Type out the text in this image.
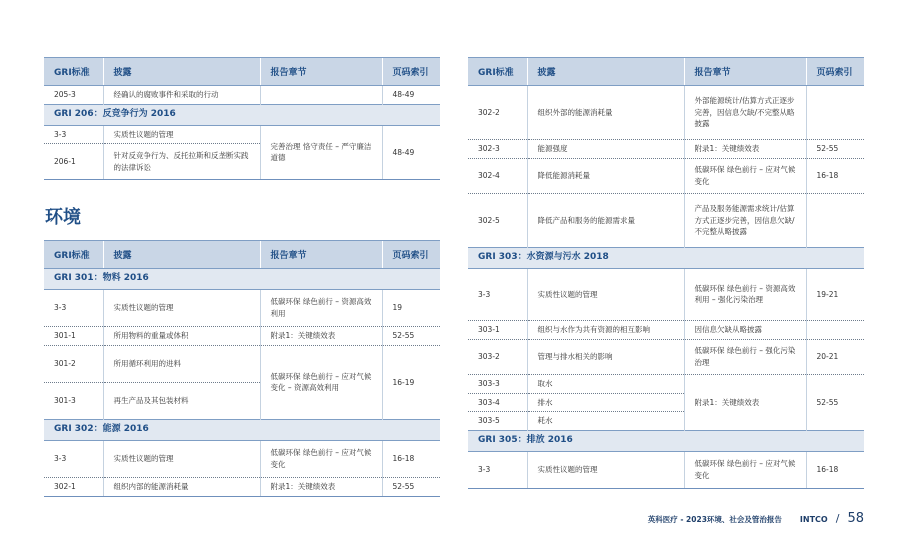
GRI标准	披露	报告章节	页码索引
205-3	经确认的腐败事件和采取的行动		48-49
GRI 206：反竞争行为 2016			
3-3	实质性议题的管理	完善治理 恪守责任 – 严守廉洁道德	48-49
206-1	针对反竞争行为、反托拉斯和反垄断实践的法律诉讼		
环境
GRI标准	披露	报告章节	页码索引
GRI 301：物料 2016			
3-3	实质性议题的管理	低碳环保 绿色前行 – 资源高效利用	19
301-1	所用物料的重量或体积	附录1：关键绩效表	52-55
301-2	所用循环利用的进料	低碳环保 绿色前行 – 应对气候变化 – 资源高效利用	16-19
301-3	再生产品及其包装材料		
GRI 302：能源 2016			
3-3	实质性议题的管理	低碳环保 绿色前行 – 应对气候变化	16-18
302-1	组织内部的能源消耗量	附录1：关键绩效表	52-55
GRI标准	披露	报告章节	页码索引
302-2	组织外部的能源消耗量	外部能源统计/估算方式正逐步完善，因信息欠缺/不完整从略披露	
302-3	能源强度	附录1：关键绩效表	52-55
302-4	降低能源消耗量	低碳环保 绿色前行 – 应对气候变化	16-18
302-5	降低产品和服务的能源需求量	产品及服务能源需求统计/估算方式正逐步完善，因信息欠缺/不完整从略披露	
GRI 303：水资源与污水 2018			
3-3	实质性议题的管理	低碳环保 绿色前行 – 资源高效利用 – 强化污染治理	19-21
303-1	组织与水作为共有资源的相互影响	因信息欠缺从略披露	
303-2	管理与排水相关的影响	低碳环保 绿色前行 – 强化污染治理	20-21
303-3	取水	附录1：关键绩效表	52-55
303-4	排水		
303-5	耗水		
GRI 305：排放 2016			
3-3	实质性议题的管理	低碳环保 绿色前行 – 应对气候变化	16-18
英科医疗 - 2023环境、社会及管治报告 INTCO / 58
